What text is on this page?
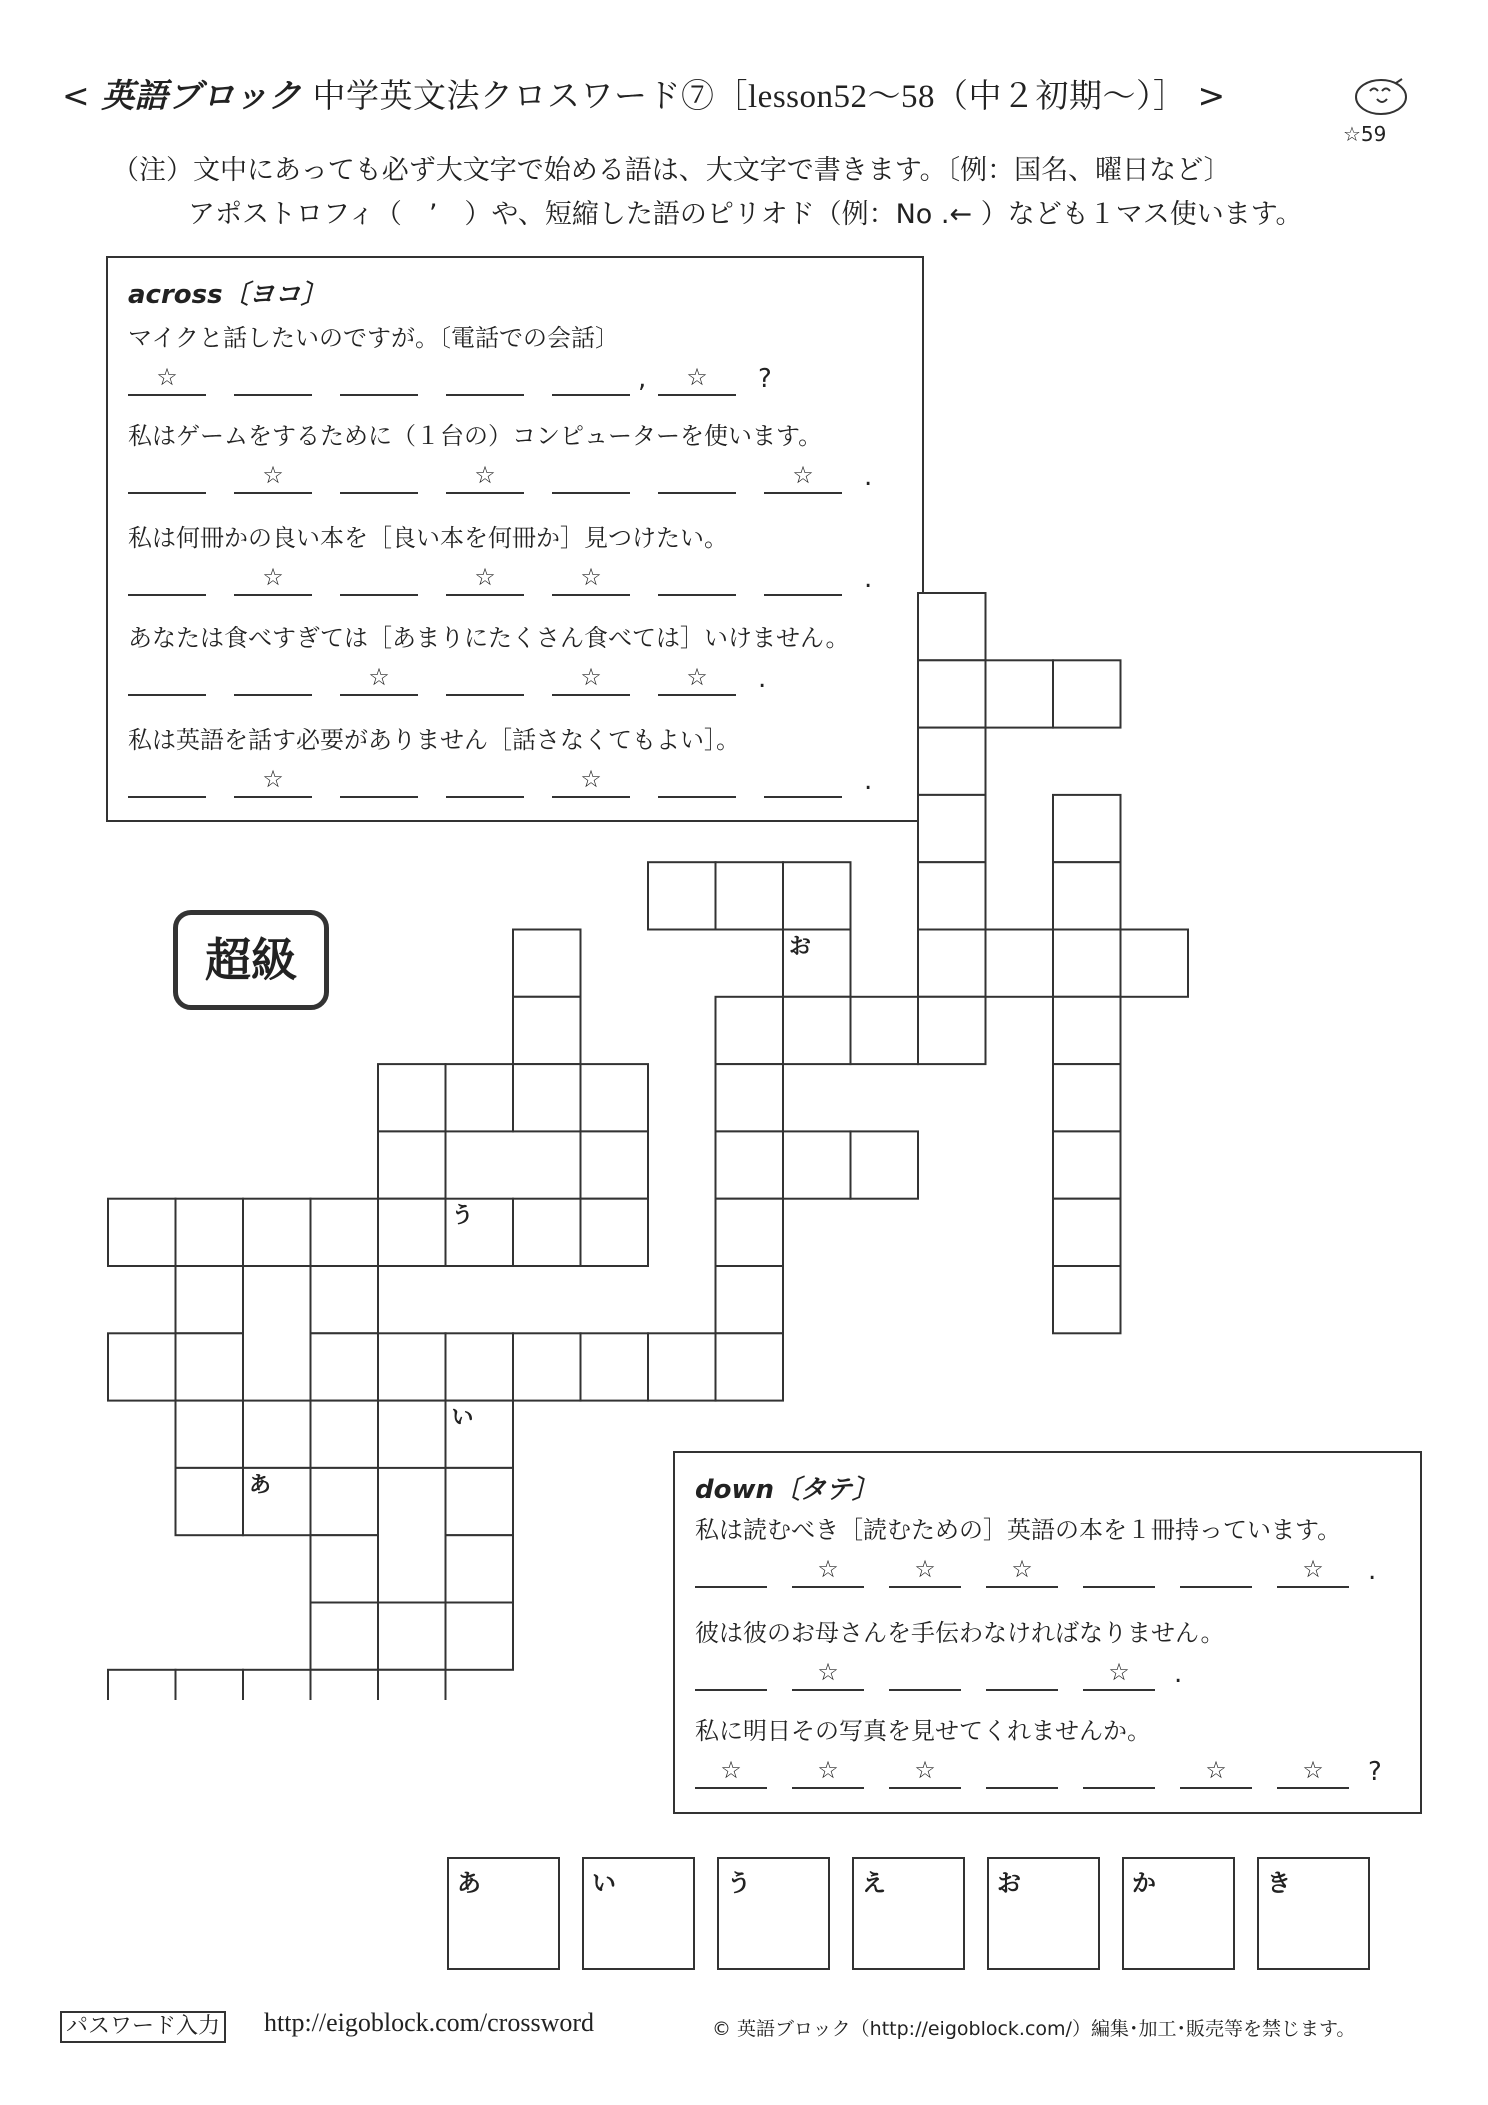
< 英語ブロック 中学英文法クロスワード⑦［lesson52〜58（中２初期〜）］ >
☆59
（注）文中にあっても必ず大文字で始める語は、大文字で書きます。〔例：国名、曜日など〕
アポストロフィ（　’　）や、短縮した語のピリオド（例：No .← ）なども１マス使います。
across〔ヨコ〕
マイクと話したいのですが。〔電話での会話〕
☆	,	☆	?
私はゲームをするために（１台の）コンピューターを使います。
☆	☆	☆	.
私は何冊かの良い本を［良い本を何冊か］見つけたい。
☆	☆	☆	.
あなたは食べすぎては［あまりにたくさん食べては］いけません。
☆	☆	☆	.
私は英語を話す必要がありません［話さなくてもよい］。
☆	☆	.
down〔タテ〕
私は読むべき［読むための］英語の本を１冊持っています。
☆	☆	☆	☆	.
彼は彼のお母さんを手伝わなければなりません。
☆	☆	.
私に明日その写真を見せてくれませんか。
☆	☆	☆	☆	☆	?
超級	お
う
い
あ
あ	い	う	え	お	か	き
パスワード入力 http://eigoblock.com/crossword	© 英語ブロック（http://eigoblock.com/）編集･加工･販売等を禁じます。
